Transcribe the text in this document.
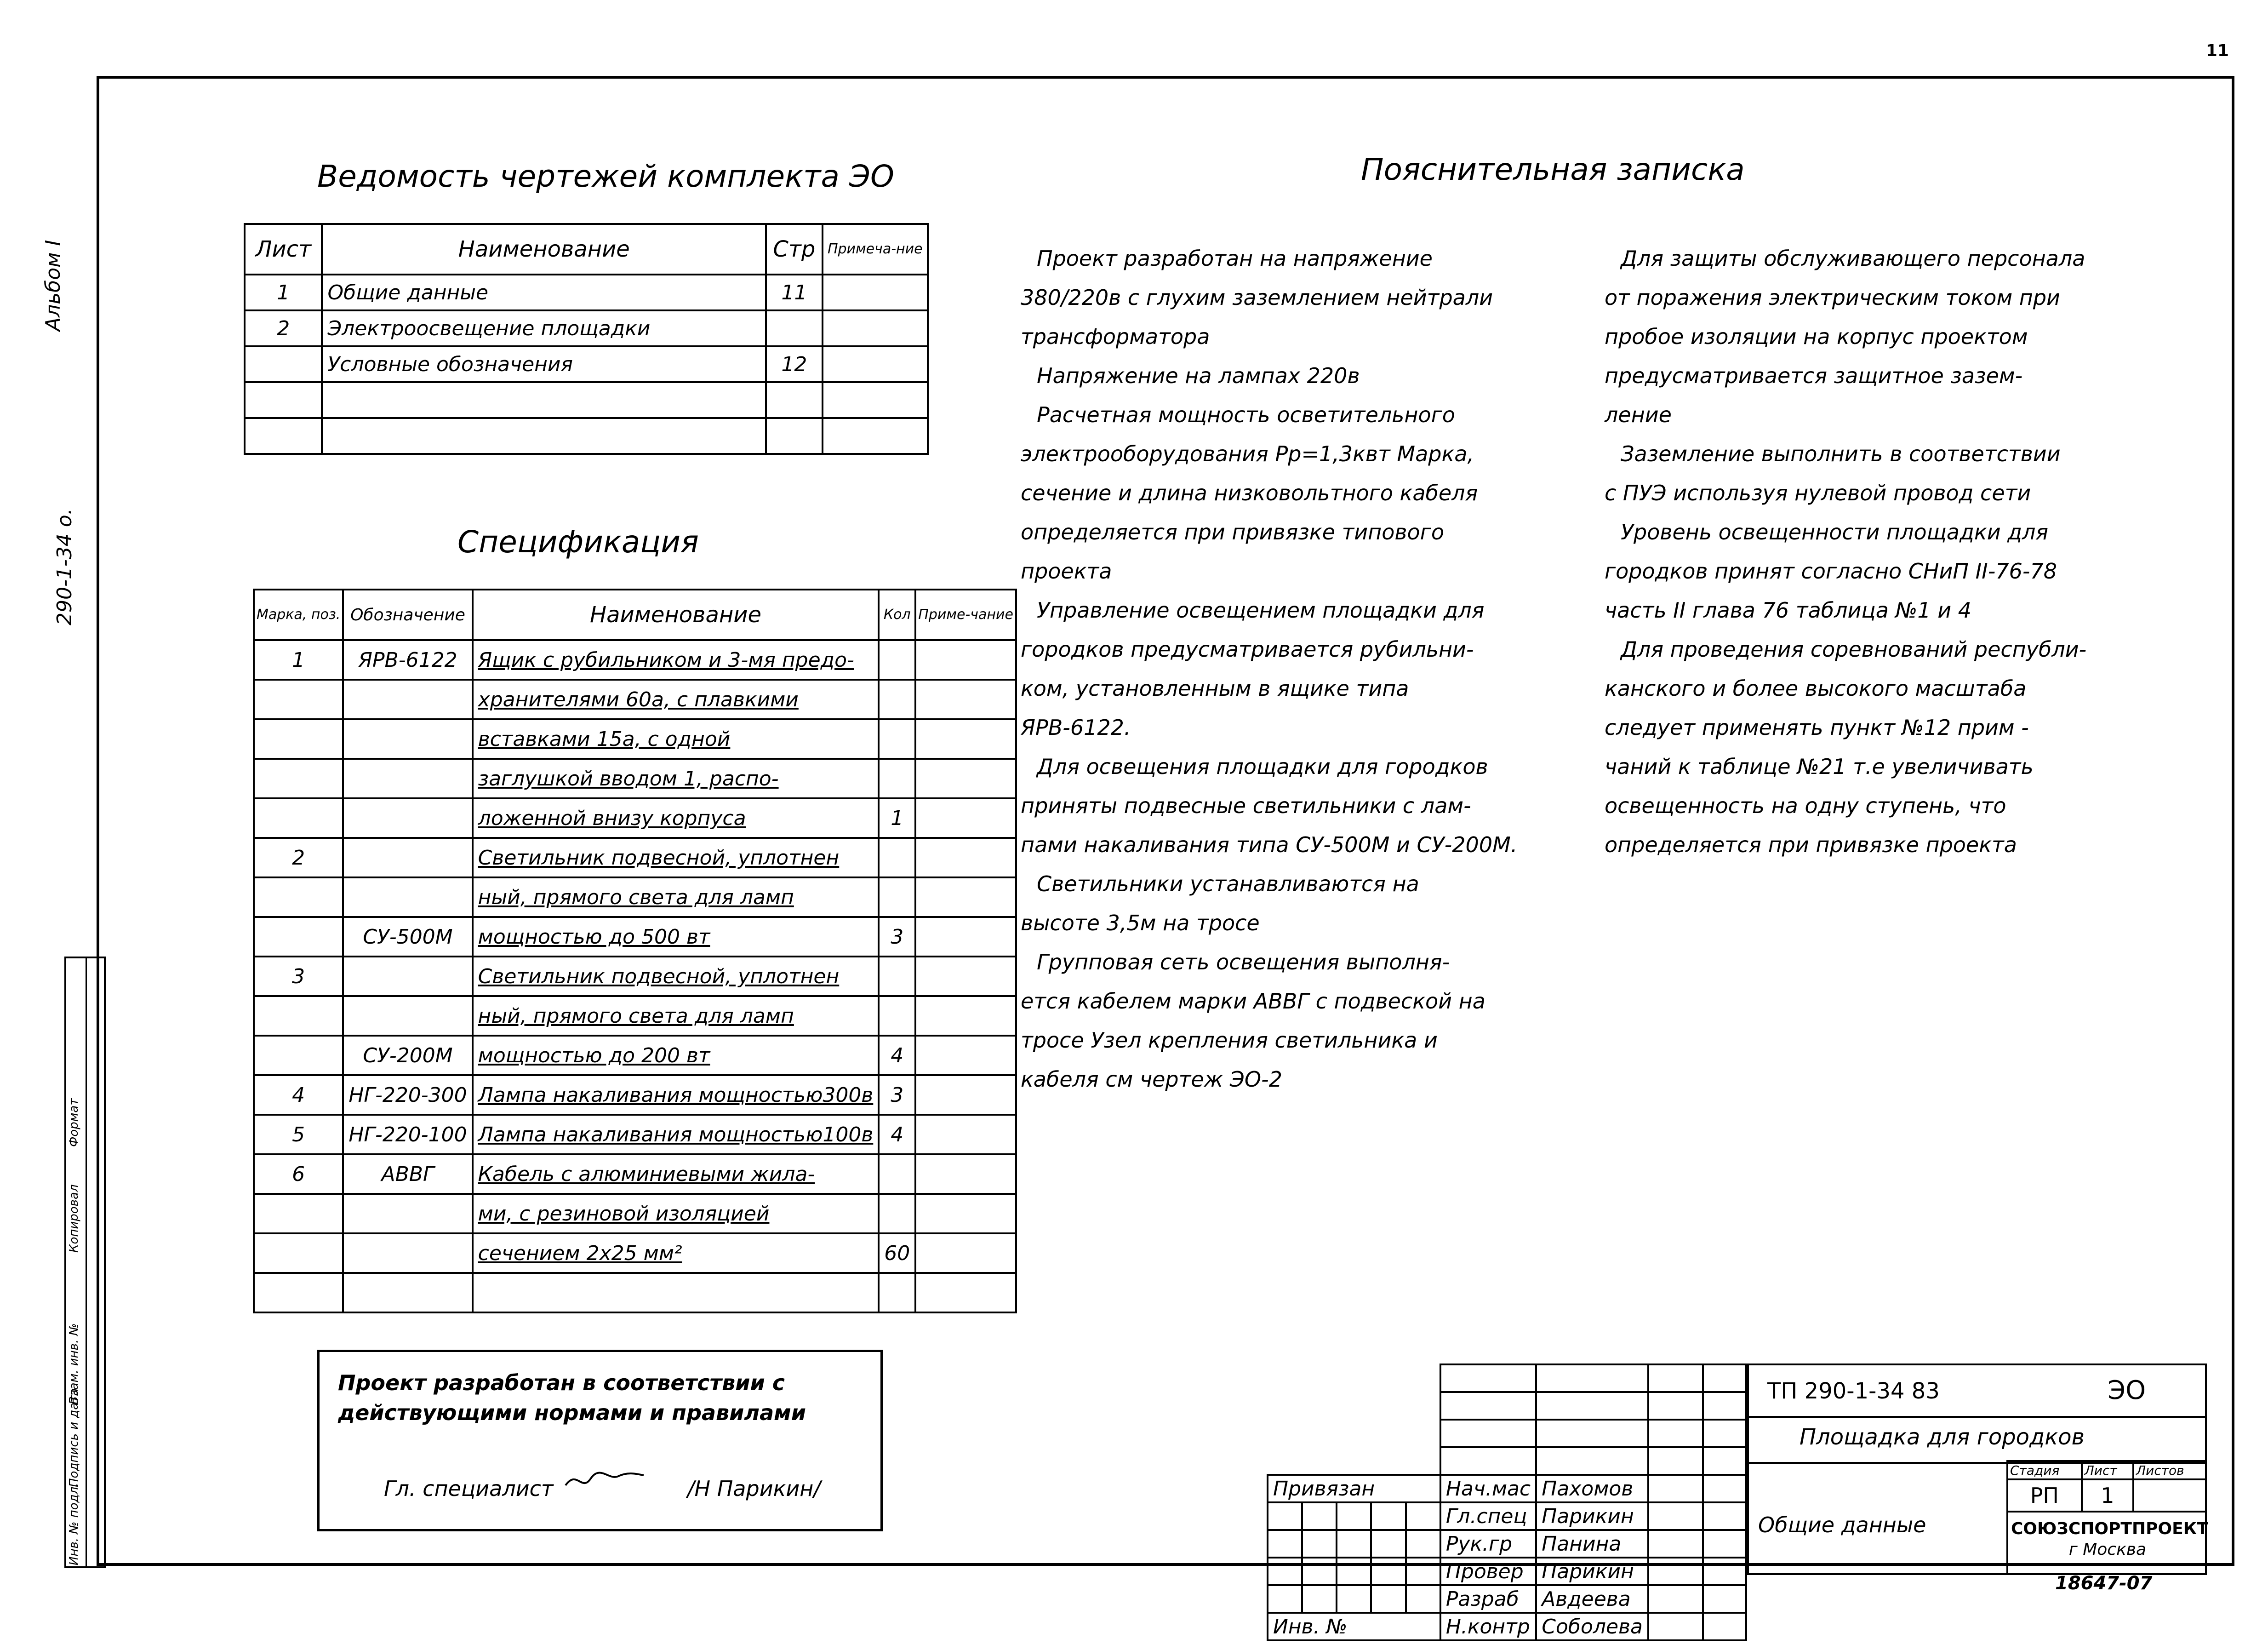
11
Альбом I
290-1-34 о.
Инв. № подл.
Подпись и дата
Взам. инв. №
Копировал
Формат
Ведомость чертежей комплекта ЭО
Лист	Наименование	Стр	Примеча-ние
1	Общие данные	11	
2	Электроосвещение площадки		
	Условные обозначения	12	

Спецификация
Марка, поз.	Обозначение	Наименование	Кол	Приме-чание
1	ЯРВ-6122	Ящик с рубильником и 3-мя предо-		
		хранителями 60а, с плавкими		
		вставками 15а, с одной		
		заглушкой вводом 1, распо-		
		ложенной внизу корпуса	1	
2		Светильник подвесной, уплотнен		
		ный, прямого света для ламп		
	СУ-500М	мощностью до 500 вт	3	
3		Светильник подвесной, уплотнен		
		ный, прямого света для ламп		
	СУ-200М	мощностью до 200 вт	4	
4	НГ-220-300	Лампа накаливания мощностью300в	3	
5	НГ-220-100	Лампа накаливания мощностью100в	4	
6	АВВГ	Кабель с алюминиевыми жила-		
		ми, с резиновой изоляцией		
		сечением 2х25 мм²	60	

Пояснительная записка

Проект разработан на напряжение

380/220в с глухим заземлением нейтрали

трансформатора

Напряжение на лампах 220в

Расчетная мощность осветительного

электрооборудования Рр=1,3квт Марка,

сечение и длина низковольтного кабеля

определяется при привязке типового

проекта

Управление освещением площадки для

городков предусматривается рубильни-

ком, установленным в ящике типа

ЯРВ-6122.

Для освещения площадки для городков

приняты подвесные светильники с лам-

пами накаливания типа СУ-500М и СУ-200М.

Светильники устанавливаются на

высоте 3,5м на тросе

Групповая сеть освещения выполня-

ется кабелем марки АВВГ с подвеской на

тросе Узел крепления светильника и

кабеля см чертеж ЭО-2

Для защиты обслуживающего персонала

от поражения электрическим током при

пробое изоляции на корпус проектом

предусматривается защитное зазем-

ление

Заземление выполнить в соответствии

с ПУЭ используя нулевой провод сети

Уровень освещенности площадки для

городков принят согласно СНиП II-76-78

часть II глава 76 таблица №1 и 4

Для проведения соревнований республи-

канского и более высокого масштаба

следует применять пункт №12 прим -

чаний к таблице №21 т.е увеличивать

освещенность на одну ступень, что

определяется при привязке проекта

Проект разработан в соответствии с
действующими нормами и правилами
Гл. специалист	/Н Парикин/

					Привязан					Нач.мас	Пахомов		
					Гл.спец	Парикин		
					Рук.гр	Панина		
					Провер	Парикин		
					Разраб	Авдеева		
Инв. №					Н.контр	Соболева		
ТП 290-1-34 83	ЭО
Площадка для городков
Общие данные
Стадия	Лист	Листов
РП	1	
СОЮЗСПОРТПРОЕКТ
г Москва
18647-07
